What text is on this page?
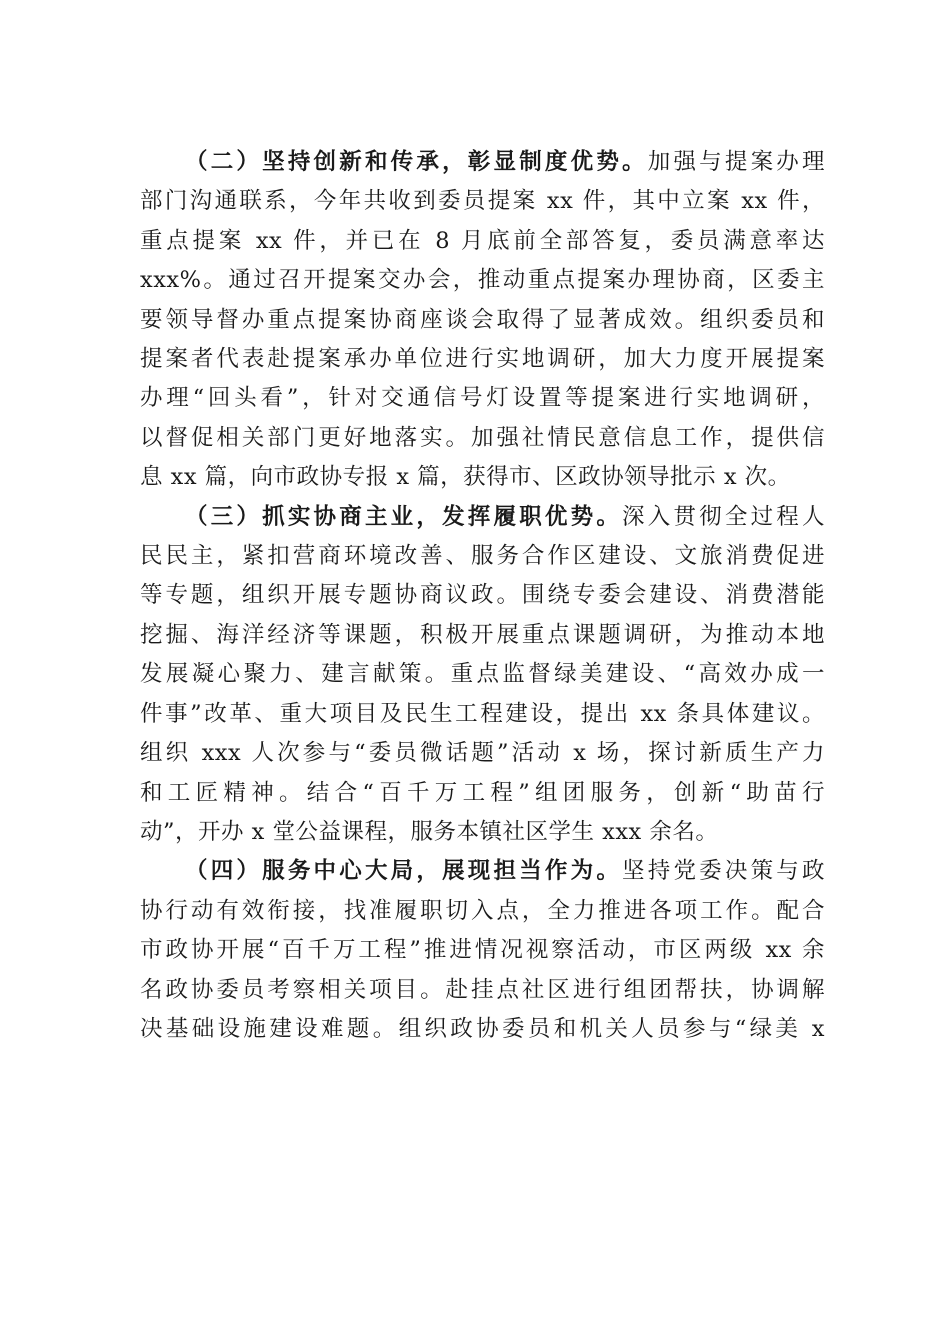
（二）坚持创新和传承，彰显制度优势。加强与提案办理
部门沟通联系，今年共收到委员提案 xx 件，其中立案 xx 件，
重点提案 xx 件，并已在 8 月底前全部答复，委员满意率达
xxx%。通过召开提案交办会，推动重点提案办理协商，区委主
要领导督办重点提案协商座谈会取得了显著成效。组织委员和
提案者代表赴提案承办单位进行实地调研，加大力度开展提案
办理“回头看”，针对交通信号灯设置等提案进行实地调研，
以督促相关部门更好地落实。加强社情民意信息工作，提供信
息 xx 篇，向市政协专报 x 篇，获得市、区政协领导批示 x 次。
（三）抓实协商主业，发挥履职优势。深入贯彻全过程人
民民主，紧扣营商环境改善、服务合作区建设、文旅消费促进
等专题，组织开展专题协商议政。围绕专委会建设、消费潜能
挖掘、海洋经济等课题，积极开展重点课题调研，为推动本地
发展凝心聚力、建言献策。重点监督绿美建设、“高效办成一
件事”改革、重大项目及民生工程建设，提出 xx 条具体建议。
组织 xxx 人次参与“委员微话题”活动 x 场，探讨新质生产力
和工匠精神。结合“百千万工程”组团服务，创新“助苗行
动”，开办 x 堂公益课程，服务本镇社区学生 xxx 余名。
（四）服务中心大局，展现担当作为。坚持党委决策与政
协行动有效衔接，找准履职切入点，全力推进各项工作。配合
市政协开展“百千万工程”推进情况视察活动，市区两级 xx 余
名政协委员考察相关项目。赴挂点社区进行组团帮扶，协调解
决基础设施建设难题。组织政协委员和机关人员参与“绿美 x
